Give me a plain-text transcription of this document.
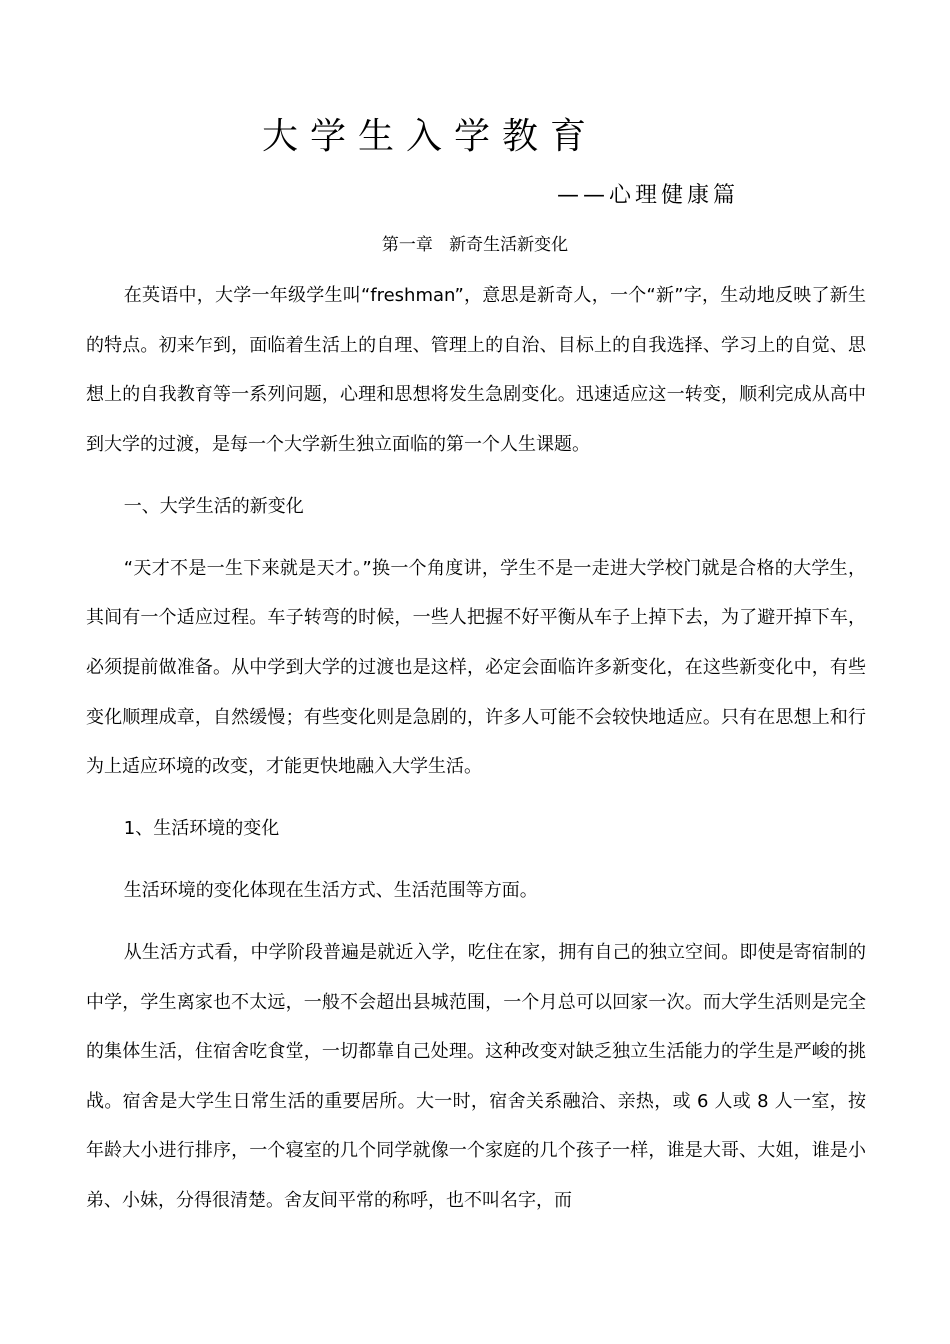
大学生入学教育
——心理健康篇
第一章   新奇生活新变化

在英语中，大学一年级学生叫“freshman”，意思是新奇人，一个“新”字，生动地反映了新生的特点。初来乍到，面临着生活上的自理、管理上的自治、目标上的自我选择、学习上的自觉、思想上的自我教育等一系列问题，心理和思想将发生急剧变化。迅速适应这一转变，顺利完成从高中到大学的过渡，是每一个大学新生独立面临的第一个人生课题。

一、大学生活的新变化

“天才不是一生下来就是天才。”换一个角度讲，学生不是一走进大学校门就是合格的大学生，其间有一个适应过程。车子转弯的时候，一些人把握不好平衡从车子上掉下去，为了避开掉下车，必须提前做准备。从中学到大学的过渡也是这样，必定会面临许多新变化，在这些新变化中，有些变化顺理成章，自然缓慢；有些变化则是急剧的，许多人可能不会较快地适应。只有在思想上和行为上适应环境的改变，才能更快地融入大学生活。

1、生活环境的变化

生活环境的变化体现在生活方式、生活范围等方面。

从生活方式看，中学阶段普遍是就近入学，吃住在家，拥有自己的独立空间。即使是寄宿制的中学，学生离家也不太远，一般不会超出县城范围，一个月总可以回家一次。而大学生活则是完全的集体生活，住宿舍吃食堂，一切都靠自己处理。这种改变对缺乏独立生活能力的学生是严峻的挑战。宿舍是大学生日常生活的重要居所。大一时，宿舍关系融洽、亲热，或 6 人或 8 人一室，按年龄大小进行排序，一个寝室的几个同学就像一个家庭的几个孩子一样，谁是大哥、大姐，谁是小弟、小妹，分得很清楚。舍友间平常的称呼，也不叫名字，而
